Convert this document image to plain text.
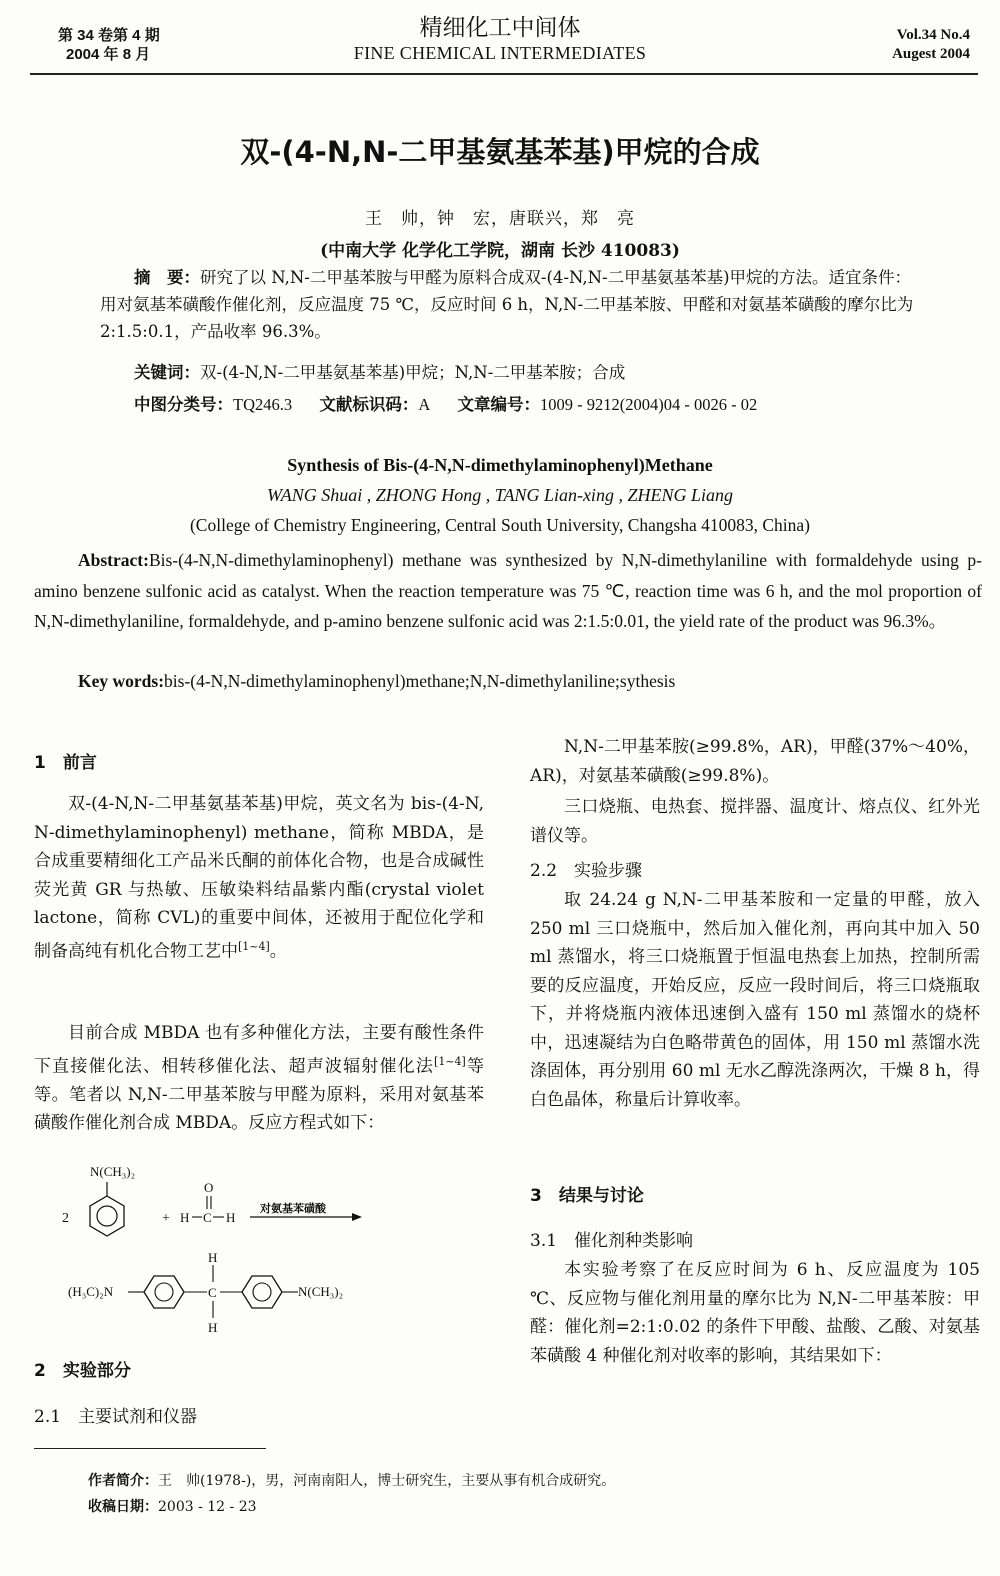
第 34 卷第 4 期
2004 年 8 月
精细化工中间体
FINE CHEMICAL INTERMEDIATES
Vol.34 No.4
Augest 2004
双-(4-N,N-二甲基氨基苯基)甲烷的合成
王　帅，钟　宏，唐联兴，郑　亮
(中南大学 化学化工学院，湖南 长沙 410083)
摘　要：研究了以 N,N-二甲基苯胺与甲醛为原料合成双-(4-N,N-二甲基氨基苯基)甲烷的方法。适宜条件：用对氨基苯磺酸作催化剂，反应温度 75 ℃，反应时间 6 h，N,N-二甲基苯胺、甲醛和对氨基苯磺酸的摩尔比为 2:1.5:0.1，产品收率 96.3%。
关键词：双-(4-N,N-二甲基氨基苯基)甲烷；N,N-二甲基苯胺；合成
中图分类号：TQ246.3 文献标识码：A 文章编号：1009 - 9212(2004)04 - 0026 - 02
Synthesis of Bis-(4-N,N-dimethylaminophenyl)Methane
WANG Shuai , ZHONG Hong , TANG Lian-xing , ZHENG Liang
(College of Chemistry Engineering, Central South University, Changsha 410083, China)
Abstract:Bis-(4-N,N-dimethylaminophenyl) methane was synthesized by N,N-dimethylaniline with formaldehyde using p-amino benzene sulfonic acid as catalyst. When the reaction temperature was 75 ℃, reaction time was 6 h, and the mol proportion of N,N-dimethylaniline, formaldehyde, and p-amino benzene sulfonic acid was 2:1.5:0.01, the yield rate of the product was 96.3%。
Key words:bis-(4-N,N-dimethylaminophenyl)methane;N,N-dimethylaniline;sythesis
1　前言
双-(4-N,N-二甲基氨基苯基)甲烷，英文名为 bis-(4-N, N-dimethylaminophenyl) methane，简称 MBDA，是合成重要精细化工产品米氏酮的前体化合物，也是合成碱性荧光黄 GR 与热敏、压敏染料结晶紫内酯(crystal violet lactone，简称 CVL)的重要中间体，还被用于配位化学和制备高纯有机化合物工艺中[1~4]。
目前合成 MBDA 也有多种催化方法，主要有酸性条件下直接催化法、相转移催化法、超声波辐射催化法[1~4]等等。笔者以 N,N-二甲基苯胺与甲醛为原料，采用对氨基苯磺酸作催化剂合成 MBDA。反应方程式如下：
N(CH₃)₂
2	+ H C H
O
对氨基苯磺酸
(H₃C)₂N	C
H
H
N(CH₃)₂
2　实验部分
2.1　主要试剂和仪器
N,N-二甲基苯胺(≥99.8%，AR)，甲醛(37%～40%，AR)，对氨基苯磺酸(≥99.8%)。
三口烧瓶、电热套、搅拌器、温度计、熔点仪、红外光谱仪等。
2.2　实验步骤
取 24.24 g N,N-二甲基苯胺和一定量的甲醛，放入 250 ml 三口烧瓶中，然后加入催化剂，再向其中加入 50 ml 蒸馏水，将三口烧瓶置于恒温电热套上加热，控制所需要的反应温度，开始反应，反应一段时间后，将三口烧瓶取下，并将烧瓶内液体迅速倒入盛有 150 ml 蒸馏水的烧杯中，迅速凝结为白色略带黄色的固体，用 150 ml 蒸馏水洗涤固体，再分别用 60 ml 无水乙醇洗涤两次，干燥 8 h，得白色晶体，称量后计算收率。
3　结果与讨论
3.1　催化剂种类影响
本实验考察了在反应时间为 6 h、反应温度为 105 ℃、反应物与催化剂用量的摩尔比为 N,N-二甲基苯胺：甲醛：催化剂=2:1:0.02 的条件下甲酸、盐酸、乙酸、对氨基苯磺酸 4 种催化剂对收率的影响，其结果如下：
作者简介：王　帅(1978-)，男，河南南阳人，博士研究生，主要从事有机合成研究。
收稿日期：2003 - 12 - 23
